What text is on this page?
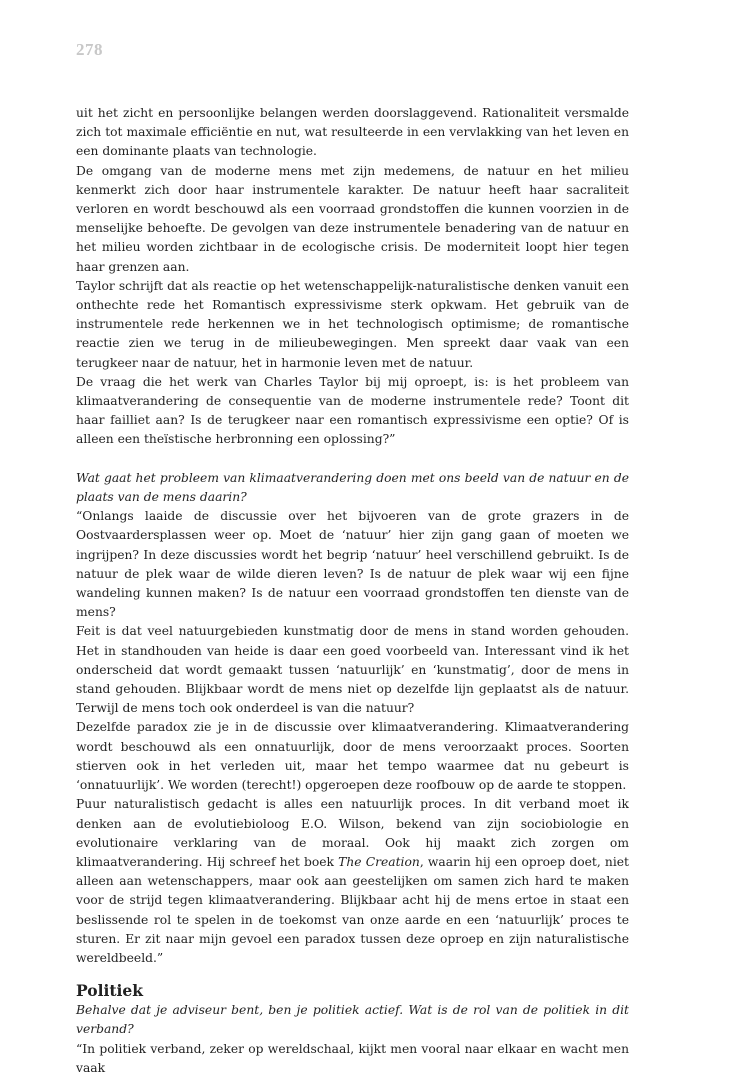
278

uit het zicht en persoonlijke belangen werden doorslaggevend. Rationaliteit versmalde zich tot maximale efficiëntie en nut, wat resulteerde in een vervlakking van het leven en een dominante plaats van technologie.

De omgang van de moderne mens met zijn medemens, de natuur en het milieu kenmerkt zich door haar instrumentele karakter. De natuur heeft haar sacraliteit verloren en wordt beschouwd als een voorraad grondstoffen die kunnen voorzien in de menselijke behoefte. De gevolgen van deze instrumentele benadering van de natuur en het milieu worden zichtbaar in de ecologische crisis. De moderniteit loopt hier tegen haar grenzen aan.

Taylor schrijft dat als reactie op het wetenschappelijk-naturalistische denken vanuit een onthechte rede het Romantisch expressivisme sterk opkwam. Het gebruik van de instrumentele rede herkennen we in het technologisch optimisme; de romantische reactie zien we terug in de milieubewegingen. Men spreekt daar vaak van een terugkeer naar de natuur, het in harmonie leven met de natuur.

De vraag die het werk van Charles Taylor bij mij oproept, is: is het probleem van klimaatverandering de consequentie van de moderne instrumentele rede? Toont dit haar failliet aan? Is de terugkeer naar een romantisch expressivisme een optie? Of is alleen een theïstische herbronning een oplossing?”

Wat gaat het probleem van klimaatverandering doen met ons beeld van de natuur en de plaats van de mens daarin?

“Onlangs laaide de discussie over het bijvoeren van de grote grazers in de Oostvaardersplassen weer op. Moet de ‘natuur’ hier zijn gang gaan of moeten we ingrijpen? In deze discussies wordt het begrip ‘natuur’ heel verschillend gebruikt. Is de natuur de plek waar de wilde dieren leven? Is de natuur de plek waar wij een fijne wandeling kunnen maken? Is de natuur een voorraad grondstoffen ten dienste van de mens?

Feit is dat veel natuurgebieden kunstmatig door de mens in stand worden gehouden. Het in standhouden van heide is daar een goed voorbeeld van. Interessant vind ik het onderscheid dat wordt gemaakt tussen ‘natuurlijk’ en ‘kunstmatig’, door de mens in stand gehouden. Blijkbaar wordt de mens niet op dezelfde lijn geplaatst als de natuur. Terwijl de mens toch ook onderdeel is van die natuur?

Dezelfde paradox zie je in de discussie over klimaatverandering. Klimaatverandering wordt beschouwd als een onnatuurlijk, door de mens veroorzaakt proces. Soorten stierven ook in het verleden uit, maar het tempo waarmee dat nu gebeurt is ‘onnatuurlijk’. We worden (terecht!) opgeroepen deze roofbouw op de aarde te stoppen.

Puur naturalistisch gedacht is alles een natuurlijk proces. In dit verband moet ik denken aan de evolutiebioloog E.O. Wilson, bekend van zijn sociobiologie en evolutionaire verklaring van de moraal. Ook hij maakt zich zorgen om klimaatverandering. Hij schreef het boek The Creation, waarin hij een oproep doet, niet alleen aan wetenschappers, maar ook aan geestelijken om samen zich hard te maken voor de strijd tegen klimaatverandering. Blijkbaar acht hij de mens ertoe in staat een beslissende rol te spelen in de toekomst van onze aarde en een ‘natuurlijk’ proces te sturen. Er zit naar mijn gevoel een paradox tussen deze oproep en zijn naturalistische wereldbeeld.”

Politiek

Behalve dat je adviseur bent, ben je politiek actief. Wat is de rol van de politiek in dit verband?

“In politiek verband, zeker op wereldschaal, kijkt men vooral naar elkaar en wacht men vaak
